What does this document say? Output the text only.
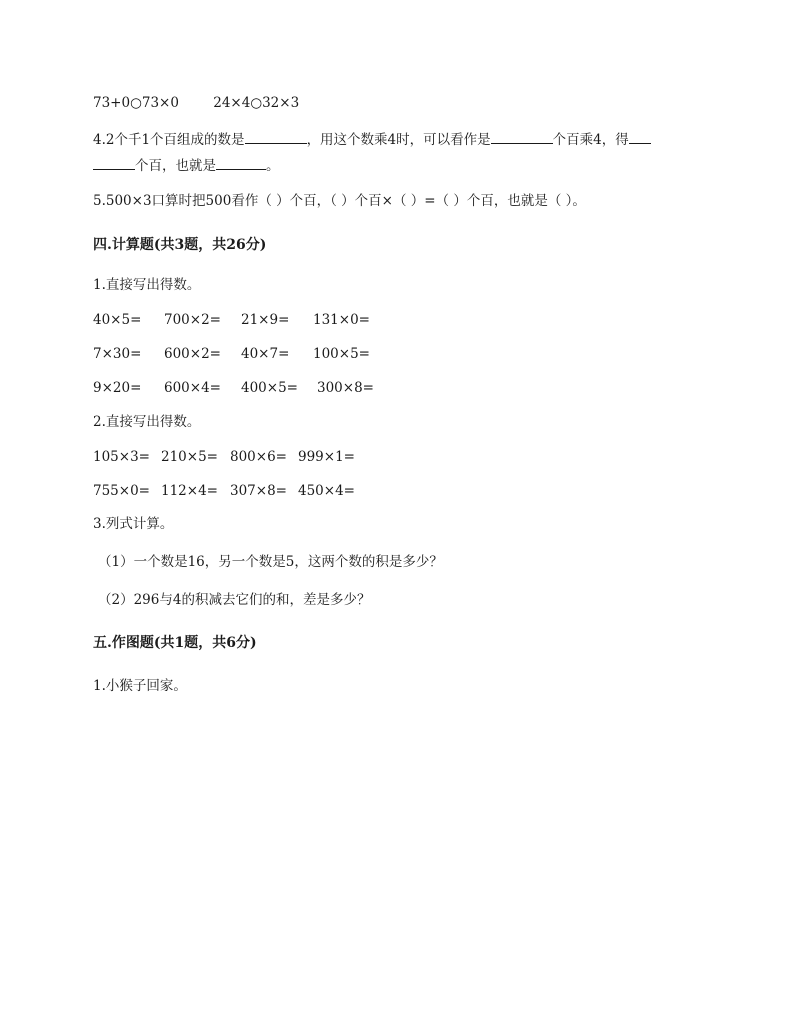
73+0○73×0	24×4○32×3
4.2个千1个百组成的数是	，用这个数乘4时，可以看作是	个百乘4，得
个百，也就是	。
5.500×3口算时把500看作（ ）个百，（ ）个百×（ ）=（ ）个百，也就是（ ）。
四.计算题(共3题，共26分)
1.直接写出得数。
40×5= 700×2= 21×9= 131×0=
7×30= 600×2= 40×7= 100×5=
9×20= 600×4= 400×5= 300×8=
2.直接写出得数。
105×3= 210×5= 800×6= 999×1=
755×0= 112×4= 307×8= 450×4=
3.列式计算。
（1）一个数是16，另一个数是5，这两个数的积是多少？
（2）296与4的积减去它们的和，差是多少？
五.作图题(共1题，共6分)
1.小猴子回家。
